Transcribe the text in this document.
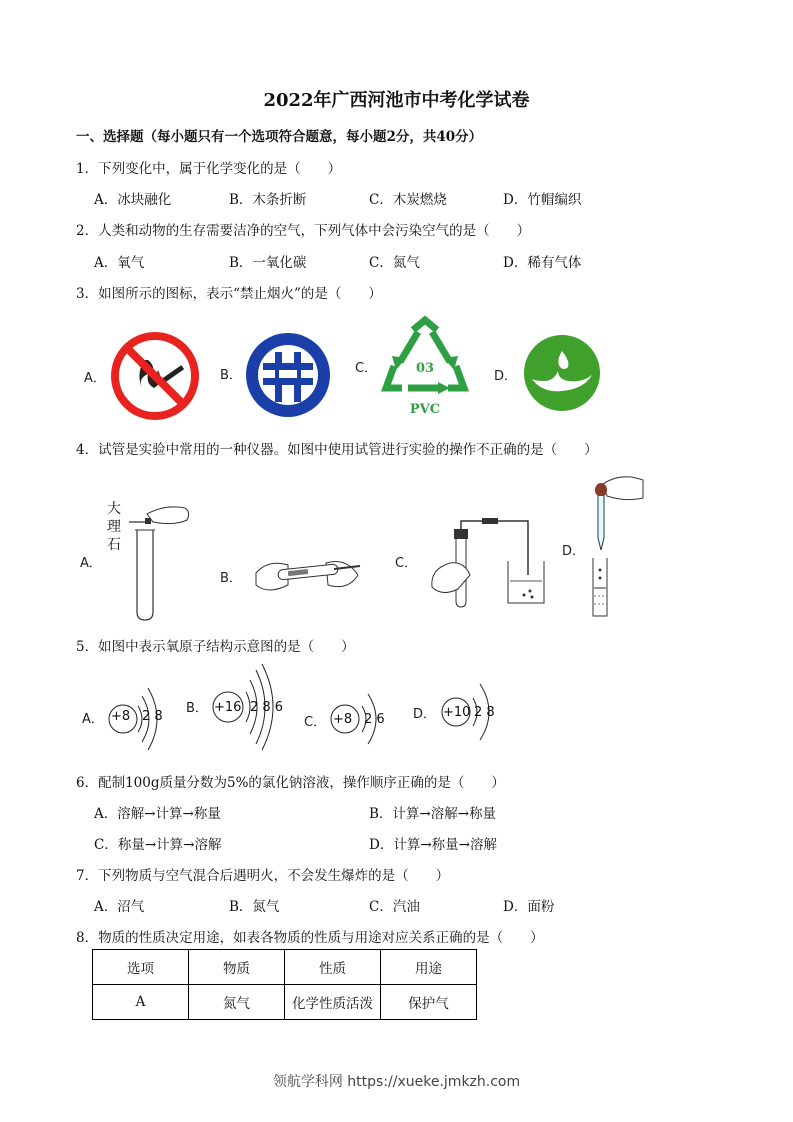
2022年广西河池市中考化学试卷
一、选择题（每小题只有一个选项符合题意，每小题2分，共40分）
1．下列变化中，属于化学变化的是（　　）
A．冰块融化	B．木条折断	C．木炭燃烧	D．竹帽编织
2．人类和动物的生存需要洁净的空气，下列气体中会污染空气的是（　　）
A．氧气	B．一氧化碳	C．氮气	D．稀有气体
3．如图所示的图标，表示“禁止烟火”的是（　　）
A．	B．	C．
D．
03
PVC
4．试管是实验中常用的一种仪器。如图中使用试管进行实验的操作不正确的是（　　）
A．
B．
C．
D．
大
理
石
5．如图中表示氧原子结构示意图的是（　　）
A． +8 2 8
B． +16 2 8 6
C． +8 2 6 D． +10 2 8
6．配制100g质量分数为5%的氯化钠溶液，操作顺序正确的是（　　）
A．溶解→计算→称量	B．计算→溶解→称量
C．称量→计算→溶解	D．计算→称量→溶解
7．下列物质与空气混合后遇明火，不会发生爆炸的是（　　）
A．沼气	B．氮气	C．汽油	D．面粉
8．物质的性质决定用途，如表各物质的性质与用途对应关系正确的是（　　）
选项	物质	性质	用途
A	氮气	化学性质活泼	保护气
领航学科网 https://xueke.jmkzh.com
